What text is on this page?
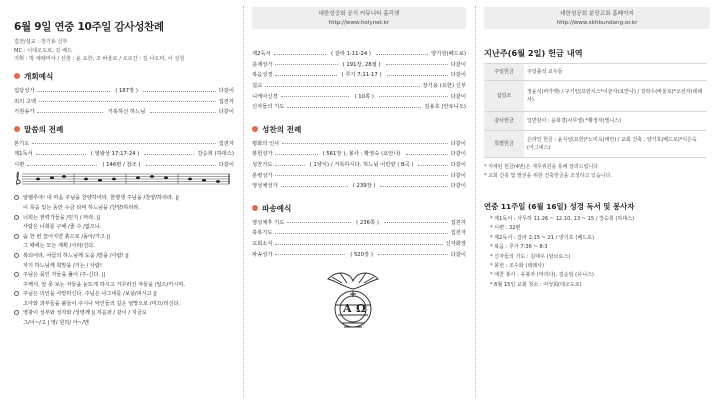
6월 9일 연중 10주일 감사성찬례
집전/설교 : 장기용 신부
MC : 이대오도로, 김 베드
지휘 : 박 예레미야 / 선창 : 윤 요한, 조 바울로 / 오르간 : 김 나오미, 이 성원
개회예식
입당성가	( 187장 )	다같이
죄의 고백	집전자
기원송가	거룩하신 하느님	다같이
말씀의 전례
본기도	집전자
제1독서	( 열왕상 17:17-24 )	강승희 (하대스)
시편	( 146편 / 창조 )	다같이
알렐루야! 내 마음 주님을 찬양하여라. 한평생 주님을 /찬양/하리라. ||
이 목숨 있는 동안 수금 타며 하느님을 /찬양/하리라.
너희는 권력가들을 /믿지 / 마라. ||
사람은 너희를 구해 /줄 수 /없으니.
숨 한 번 끊어지면 흙으로 /돌아/가고 ||
그 때에는 모든 계획 /사라/진다.
복되어라, 야곱의 하느님께 도움 /받을 /사람! ||
자기 하느님께 희망을 /거는 / 사람!
주님은 묶인 자들을 풀어 /주-신다. ||
주께서, 앞 못 보는 자들을 눈뜨게 하시고 거꾸러진 자들을 /일으/키시며,
주님은 의인을 사랑하신다. 주님은 나그네를 /보살/피시고 ||
고아와 과부들을 붙들어 주시나 악인들의 길은 엉망으로 /미끄/리신다.
영광이 성부와 성자와 /성령께 || 처음과 / 같이 / 지금도
그/이~/고 | 영/ 원히/ 아~/멘
대한성공회 공식 커뮤니티 홀리넷
http://www.holynet.kr
제2독서	( 갈라 1:11-24 )	양기원(베드로)
층계성가	( 191장, 28절 )	다같이
복음성경	( 루가 7:11-17 )	다같이
설교	장기용 (요한) 신부
니케아신경	( 10쪽 )	다같이
신자들의 기도	김용호 (안토니오)
성찬의 전례
평화의 인사	다같이
봉헌성가	( 561장 ), 봉사 : 황영숙 (요안나)	다같이
성찬기도	( 1양식) / 거룩하시다. 하느님 어린양 ( B곡 )	다같이
분병성가	다같이
영성체성가	( 239장 )	다같이
파송예식
영성체후 기도	( 236쪽 )	집전자
축복기도	집전자
교회소식	신자화장
파송성가	( 520장 )	다같이
A Ω
대한성공회 분당교회 홈페이지
http://www.skhbundang.or.kr
지난주(6월 2일) 헌금 내역
주일헌금	주일출석 교우들
십일조	정윤석(마가렛) / 구기일(프란시스*이균자(요안나) / 김락수(바울로)*오선자(데레사)
감사헌금	일반감사 : 윤희경(사무엘) *황정자(엘니스)
특별헌금	은라인 헌금 : 윤지성(요한)*노미옥(애린) / 교회 건축 : 양기호(베드로)*이은숙(아그네스)
* 지체된 헌금(4번)은 재무위원을 통해 알려드립니다.
* 교회 건축 및 발전을 위한 건축헌금을 조성하고 있습니다.
연중 11주일 (6월 16일) 성경 독서 및 봉사자
* 제1독서 : 사무하 11:26 ~ 12:10, 13 ~ 15 / 강승희 (하대스)
* 시편 : 32편
* 제2독서 : 갈라 2:15 ~ 21 / 양기호 (베드로)
* 복음 : 루가 7:36 ~ 8:3
* 신자들의 기도 : 김태우 (암브로스)
* 봉헌 : 조수화 (데레사)
* 애찬 봉사 : 유봉자 (마리다), 김순임 (유니스)
* 6월 15일 교회 청소 : 여성회(데오도로)
